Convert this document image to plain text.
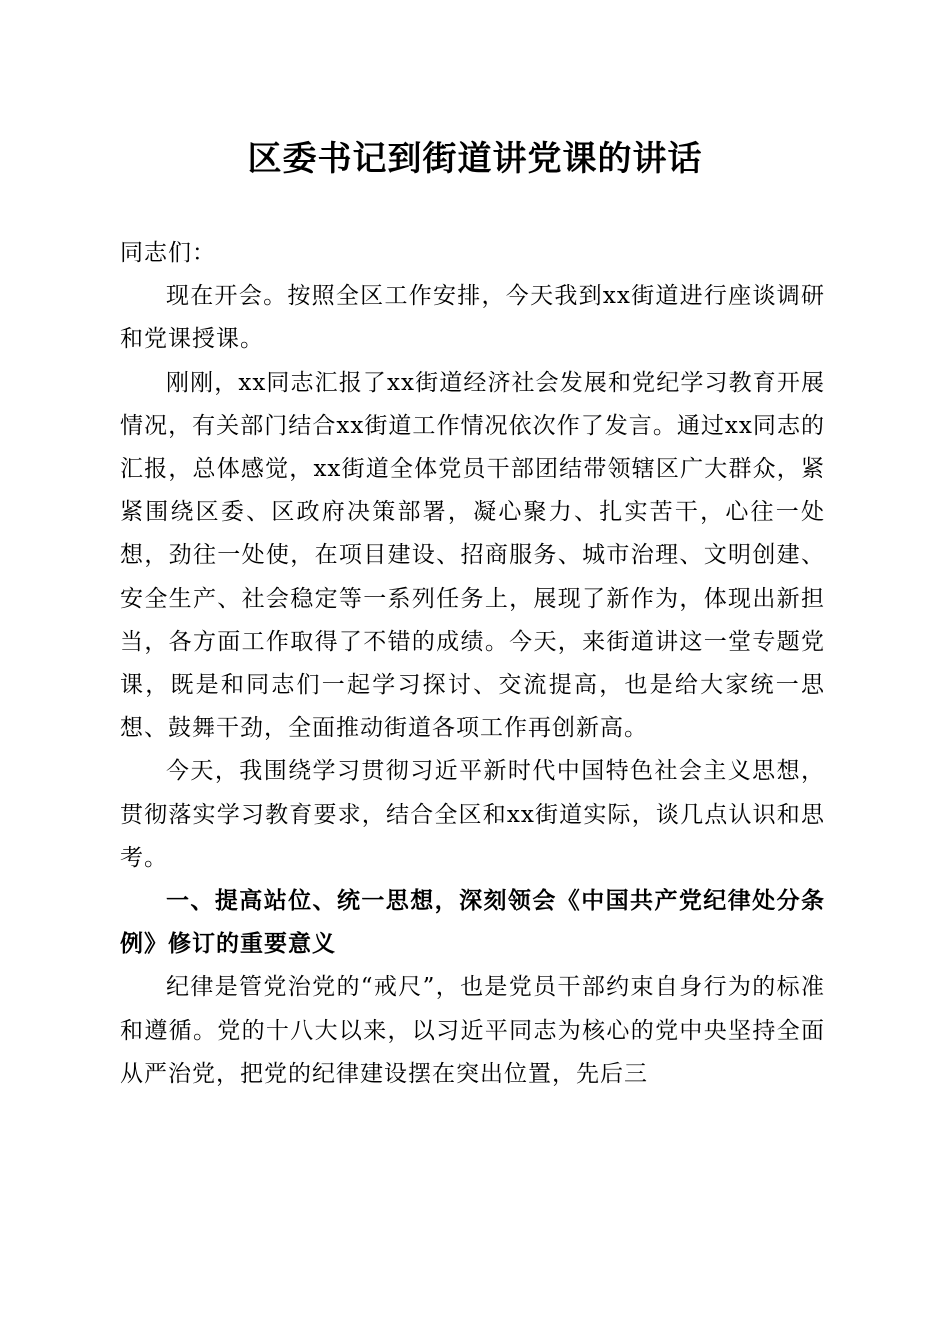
区委书记到街道讲党课的讲话

同志们：

现在开会。按照全区工作安排，今天我到xx街道进行座谈调研和党课授课。

刚刚，xx同志汇报了xx街道经济社会发展和党纪学习教育开展情况，有关部门结合xx街道工作情况依次作了发言。通过xx同志的汇报，总体感觉，xx街道全体党员干部团结带领辖区广大群众，紧紧围绕区委、区政府决策部署，凝心聚力、扎实苦干，心往一处想，劲往一处使，在项目建设、招商服务、城市治理、文明创建、安全生产、社会稳定等一系列任务上，展现了新作为，体现出新担当，各方面工作取得了不错的成绩。今天，来街道讲这一堂专题党课，既是和同志们一起学习探讨、交流提高，也是给大家统一思想、鼓舞干劲，全面推动街道各项工作再创新高。

今天，我围绕学习贯彻习近平新时代中国特色社会主义思想，贯彻落实学习教育要求，结合全区和xx街道实际，谈几点认识和思考。

一、提高站位、统一思想，深刻领会《中国共产党纪律处分条例》修订的重要意义

纪律是管党治党的“戒尺”，也是党员干部约束自身行为的标准和遵循。党的十八大以来，以习近平同志为核心的党中央坚持全面从严治党，把党的纪律建设摆在突出位置，先后三
